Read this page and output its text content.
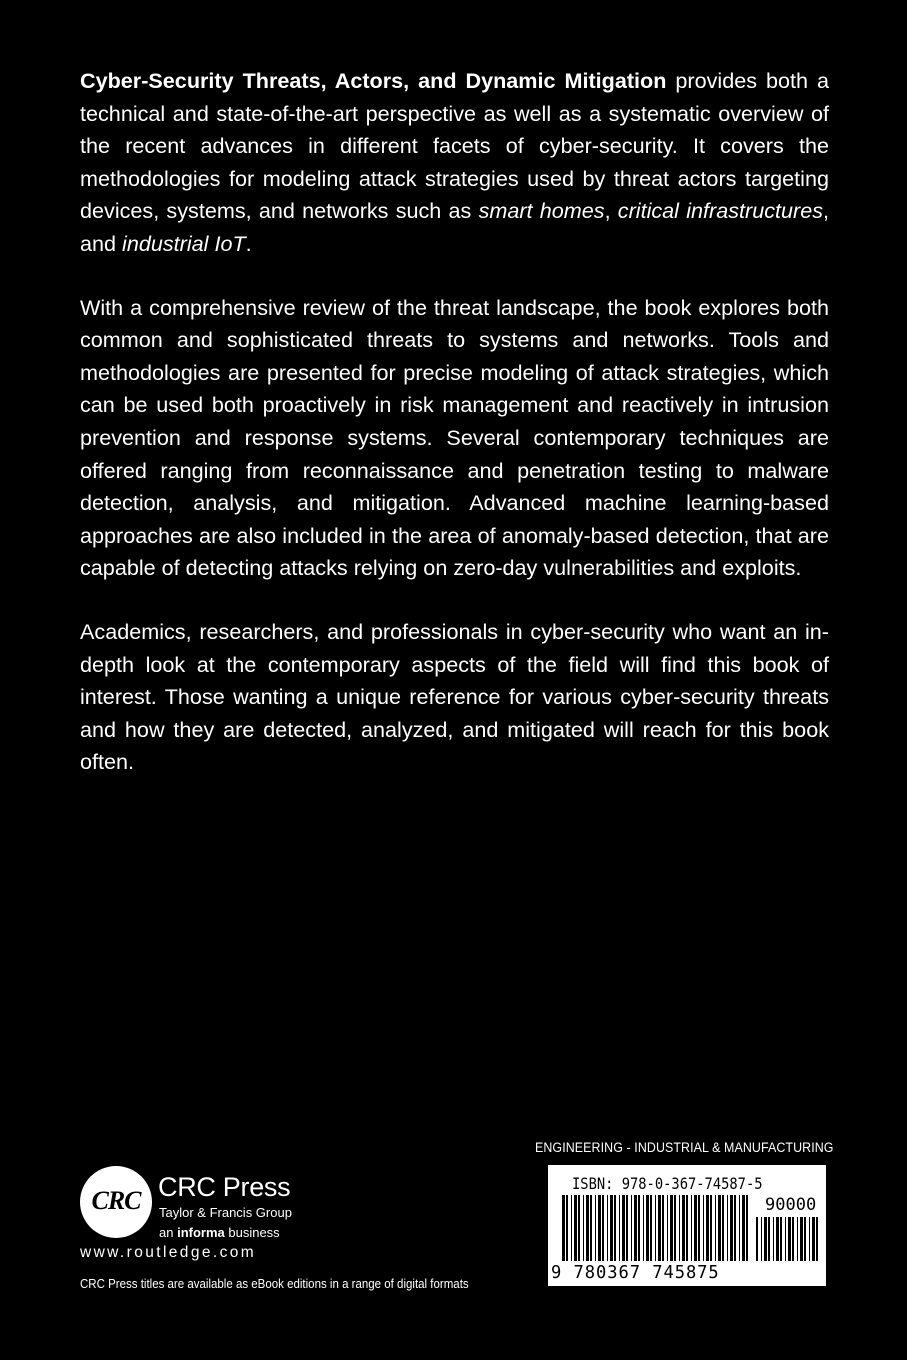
Cyber-Security Threats, Actors, and Dynamic Mitigation provides both a technical and state-of-the-art perspective as well as a systematic overview of the recent advances in different facets of cyber-security. It covers the methodologies for modeling attack strategies used by threat actors targeting devices, systems, and networks such as smart homes, critical infrastructures, and industrial IoT.

With a comprehensive review of the threat landscape, the book explores both common and sophisticated threats to systems and networks. Tools and methodologies are presented for precise modeling of attack strategies, which can be used both proactively in risk management and reactively in intrusion prevention and response systems. Several contemporary techniques are offered ranging from reconnaissance and penetration testing to malware detection, analysis, and mitigation. Advanced machine learning-based approaches are also included in the area of anomaly-based detection, that are capable of detecting attacks relying on zero-day vulnerabilities and exploits.

Academics, researchers, and professionals in cyber-security who want an in-depth look at the contemporary aspects of the field will find this book of interest. Those wanting a unique reference for various cyber-security threats and how they are detected, analyzed, and mitigated will reach for this book often.

ENGINEERING - INDUSTRIAL & MANUFACTURING
ISBN: 978-0-367-74587-5
90000
9 780367 745875
CRC CRC Press
Taylor & Francis Group
an informa business
www.routledge.com
CRC Press titles are available as eBook editions in a range of digital formats
